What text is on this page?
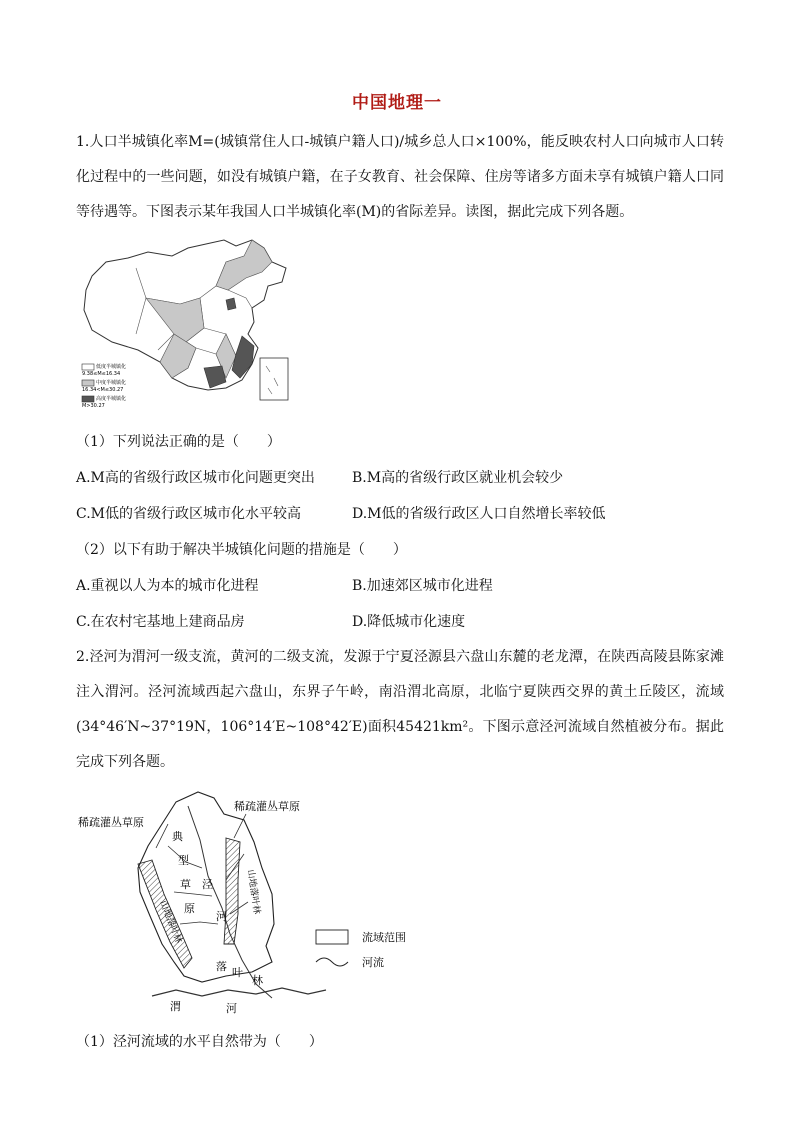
中国地理一
1.人口半城镇化率M=(城镇常住人口-城镇户籍人口)/城乡总人口×100%，能反映农村人口向城市人口转化过程中的一些问题，如没有城镇户籍，在子女教育、社会保障、住房等诸多方面未享有城镇户籍人口同等待遇等。下图表示某年我国人口半城镇化率(M)的省际差异。读图，据此完成下列各题。
低度半城镇化
9.38≤M≤16.34
中度半城镇化
16.34<M≤30.27
高度半城镇化
M>30.27
（1）下列说法正确的是（　　）
A.M高的省级行政区城市化问题更突出	B.M高的省级行政区就业机会较少
C.M低的省级行政区城市化水平较高	D.M低的省级行政区人口自然增长率较低
（2）以下有助于解决半城镇化问题的措施是（　　）
A.重视以人为本的城市化进程	B.加速郊区城市化进程
C.在农村宅基地上建商品房	D.降低城市化速度
2.泾河为渭河一级支流，黄河的二级支流，发源于宁夏泾源县六盘山东麓的老龙潭，在陕西高陵县陈家滩注入渭河。泾河流域西起六盘山，东界子午岭，南沿渭北高原，北临宁夏陕西交界的黄土丘陵区，流域(34°46′N~37°19N，106°14′E~108°42′E)面积45421km²。下图示意泾河流域自然植被分布。据此完成下列各题。
稀疏灌丛草原
稀疏灌丛草原
典
型
草
原
泾
河
落 叶
林
渭	河
山地落叶林
山地落叶林
流域范围
河流
（1）泾河流域的水平自然带为（　　）
